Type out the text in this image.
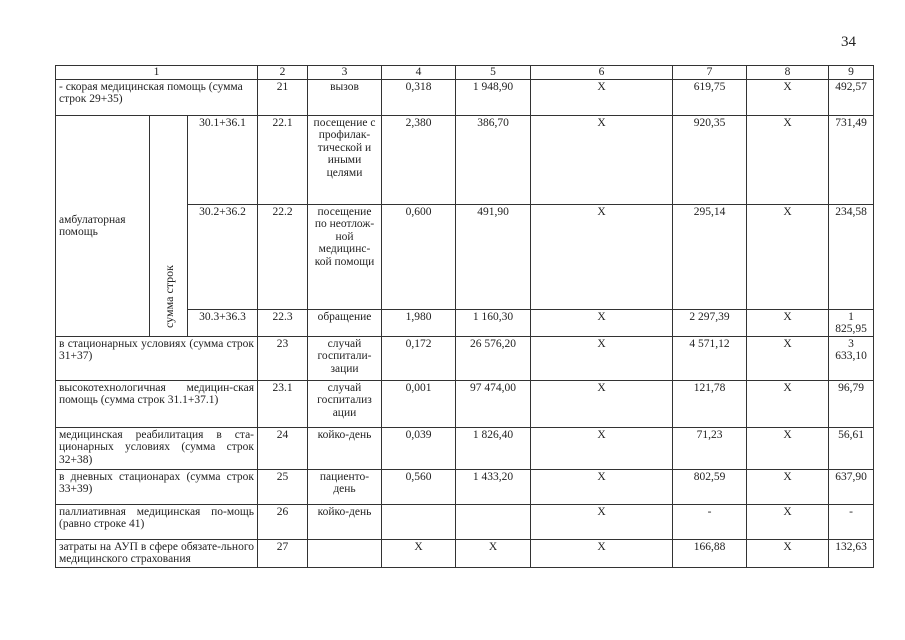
34
1			2	3	4	5	6	7	8	9	
- скорая медицинская помощь (сумма строк 29+35)			21	вызов	0,318	1 948,90	Х	619,75	Х	492,57	
амбулаторная помощь	сумма строк	30.1+36.1	22.1	посещение с профилак-тической и иными целями	2,380	386,70	Х	920,35	Х	731,49	
		30.2+36.2	22.2	посещение по неотлож-ной медицинс-кой помощи	0,600	491,90	Х	295,14	Х	234,58	
		30.3+36.3	22.3	обращение	1,980	1 160,30	Х	2 297,39	Х	1 825,95	
в стационарных условиях (сумма строк 31+37)			23	случай госпитали-зации	0,172	26 576,20	Х	4 571,12	Х	3 633,10	
высокотехнологичная медицин-ская помощь (сумма строк 31.1+37.1)			23.1	случай госпитализ ации	0,001	97 474,00	Х	121,78	Х	96,79	
медицинская реабилитация в ста-ционарных условиях (сумма строк 32+38)			24	койко-день	0,039	1 826,40	Х	71,23	Х	56,61	
в дневных стационарах (сумма строк 33+39)			25	пациенто-день	0,560	1 433,20	Х	802,59	Х	637,90	
паллиативная медицинская по-мощь (равно строке 41)			26	койко-день			Х	-	Х	-	
затраты на АУП в сфере обязате-льного медицинского страхования			27		Х	Х	Х	166,88	Х	132,63	
